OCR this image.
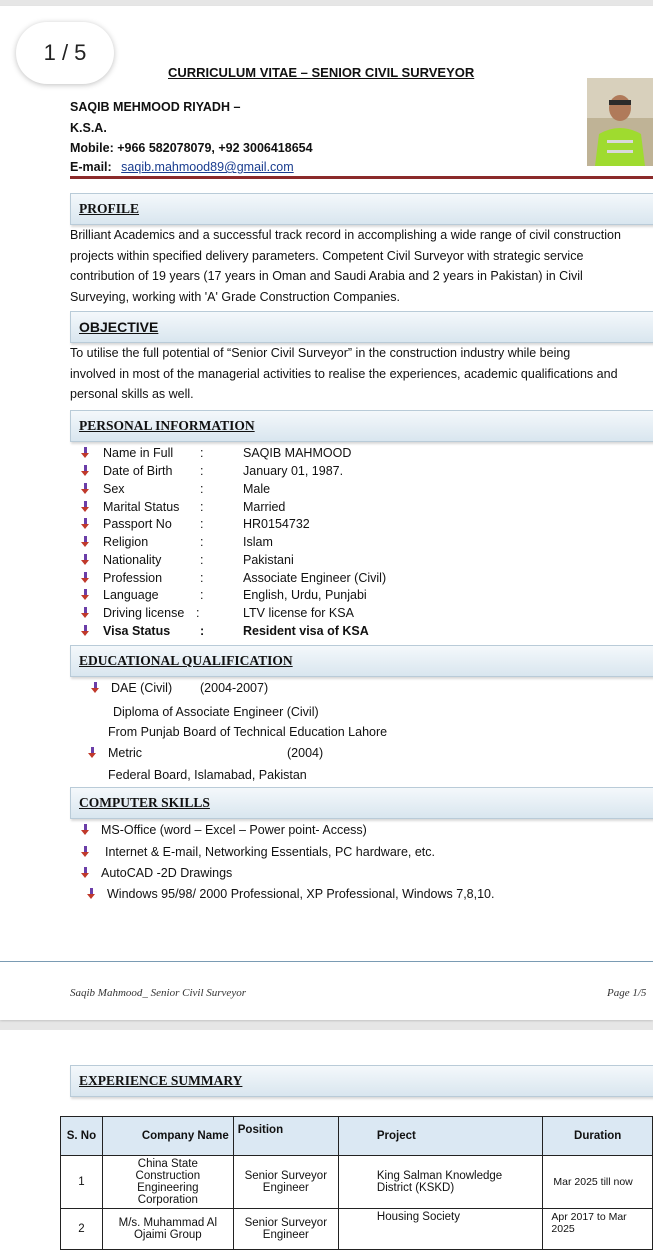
1 / 5
CURRICULUM VITAE – SENIOR CIVIL SURVEYOR
SAQIB MEHMOOD RIYADH –
K.S.A.
Mobile: +966 582078079, +92 3006418654
E-mail: saqib.mahmood89@gmail.com
PROFILE
Brilliant Academics and a successful track record in accomplishing a wide range of civil construction
projects within specified delivery parameters. Competent Civil Surveyor with strategic service
contribution of 19 years (17 years in Oman and Saudi Arabia and 2 years in Pakistan) in Civil
Surveying, working with 'A' Grade Construction Companies.
OBJECTIVE
To utilise the full potential of “Senior Civil Surveyor” in the construction industry while being
involved in most of the managerial activities to realise the experiences, academic qualifications and
personal skills as well.
PERSONAL INFORMATION
Name in Full :	SAQIB MAHMOOD
Date of Birth :	January 01, 1987.
Sex	:	Male
Marital Status :	Married
Passport No :	HR0154732
Religion	:	Islam
Nationality	:	Pakistani
Profession	:	Associate Engineer (Civil)
Language	:	English, Urdu, Punjabi
Driving license :	LTV license for KSA
Visa Status :	Resident visa of KSA
EDUCATIONAL QUALIFICATION
DAE (Civil) (2004-2007)
Diploma of Associate Engineer (Civil)
From Punjab Board of Technical Education Lahore
Metric	(2004)
Federal Board, Islamabad, Pakistan
COMPUTER SKILLS
MS-Office (word – Excel – Power point- Access)
Internet & E-mail, Networking Essentials, PC hardware, etc.
AutoCAD -2D Drawings
Windows 95/98/ 2000 Professional, XP Professional, Windows 7,8,10.
Saqib Mahmood_ Senior Civil Surveyor	Page 1/5
EXPERIENCE SUMMARY
S. No	Company Name	Position	Project	Duration
1	China State Construction Engineering Corporation	Senior Surveyor Engineer	King Salman Knowledge District (KSKD)	Mar 2025 till now
2	M/s. Muhammad Al Ojaimi Group	Senior Surveyor Engineer	Housing Society	Apr 2017 to Mar 2025
